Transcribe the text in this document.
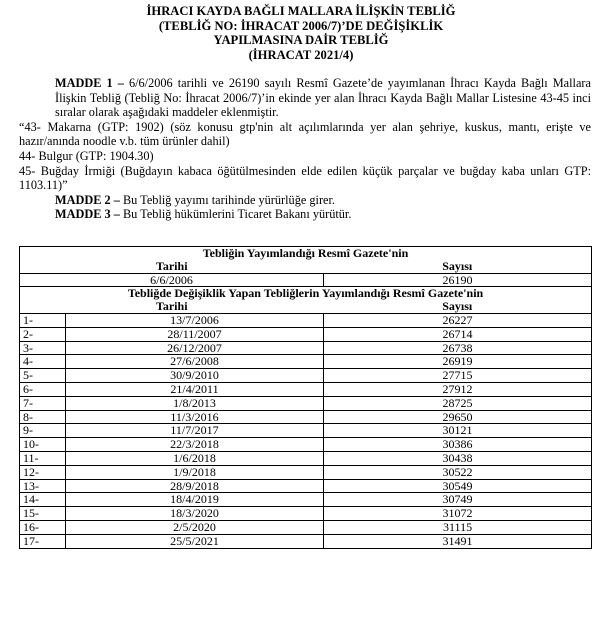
İHRACI KAYDA BAĞLI MALLARA İLİŞKİN TEBLİĞ
(TEBLİĞ NO: İHRACAT 2006/7)’DE DEĞİŞİKLİK
YAPILMASINA DAİR TEBLİĞ
(İHRACAT 2021/4)

MADDE 1 – 6/6/2006 tarihli ve 26190 sayılı Resmî Gazete’de yayımlanan İhracı Kayda Bağlı Mallara İlişkin Tebliğ (Tebliğ No: İhracat 2006/7)’in ekinde yer alan İhracı Kayda Bağlı Mallar Listesine 43-45 inci sıralar olarak aşağıdaki maddeler eklenmiştir.

“43- Makarna (GTP: 1902) (söz konusu gtp'nin alt açılımlarında yer alan şehriye, kuskus, mantı, erişte ve hazır/anında noodle v.b. tüm ürünler dahil)

44- Bulgur (GTP: 1904.30)

45- Buğday İrmiği (Buğdayın kabaca öğütülmesinden elde edilen küçük parçalar ve buğday kaba unları GTP: 1103.11)”

MADDE 2 – Bu Tebliğ yayımı tarihinde yürürlüğe girer.

MADDE 3 – Bu Tebliğ hükümlerini Ticaret Bakanı yürütür.

Tebliğin Yayımlandığı Resmî Gazete'nin		
Tarihi		Sayısı
6/6/2006		26190
Tebliğde Değişiklik Yapan Tebliğlerin Yayımlandığı Resmî Gazete'nin		
Tarihi		Sayısı
1-	13/7/2006	26227
2-	28/11/2007	26714
3-	26/12/2007	26738
4-	27/6/2008	26919
5-	30/9/2010	27715
6-	21/4/2011	27912
7-	1/8/2013	28725
8-	11/3/2016	29650
9-	11/7/2017	30121
10-	22/3/2018	30386
11-	1/6/2018	30438
12-	1/9/2018	30522
13-	28/9/2018	30549
14-	18/4/2019	30749
15-	18/3/2020	31072
16-	2/5/2020	31115
17-	25/5/2021	31491
